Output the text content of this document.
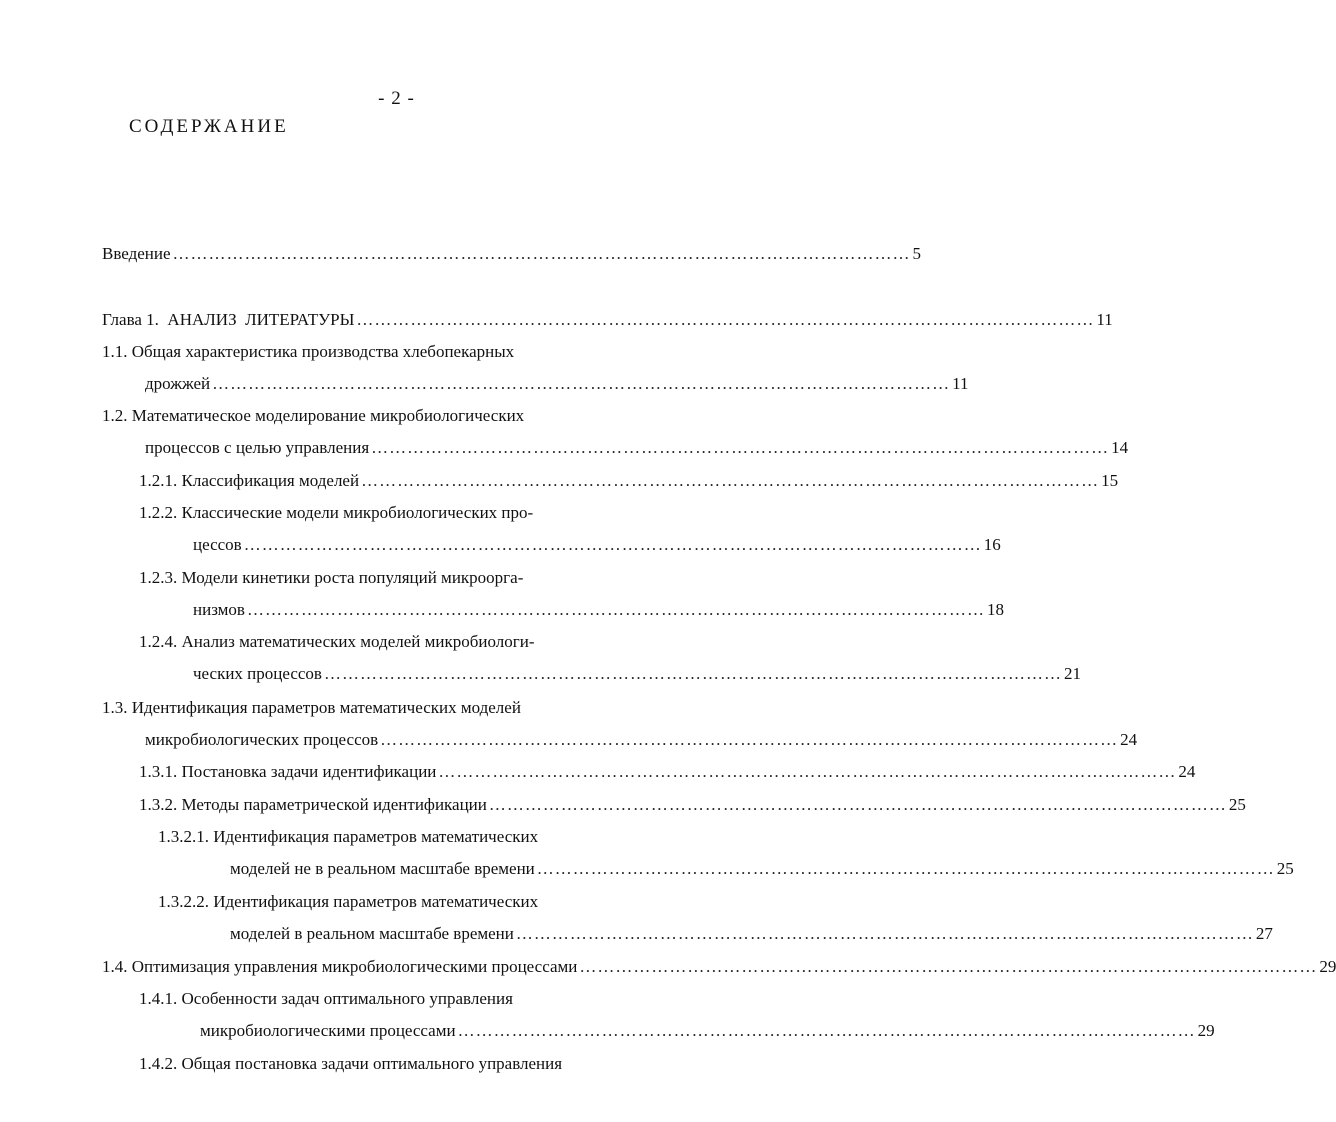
- 2 -
СОДЕРЖАНИЕ
Введение …………………………………………………………………………………………………………… 5
Глава 1.  АНАЛИЗ  ЛИТЕРАТУРЫ …………………………………………………………………………………………………………… 11
1.1. Общая характеристика производства хлебопекарных
дрожжей …………………………………………………………………………………………………………… 11
1.2. Математическое моделирование микробиологических
процессов с целью управления …………………………………………………………………………………………………………… 14
1.2.1. Классификация моделей …………………………………………………………………………………………………………… 15
1.2.2. Классические модели микробиологических про-
цессов …………………………………………………………………………………………………………… 16
1.2.3. Модели кинетики роста популяций микроорга-
низмов …………………………………………………………………………………………………………… 18
1.2.4. Анализ математических моделей микробиологи-
ческих процессов …………………………………………………………………………………………………………… 21
1.3. Идентификация параметров математических моделей
микробиологических процессов …………………………………………………………………………………………………………… 24
1.3.1. Постановка задачи идентификации …………………………………………………………………………………………………………… 24
1.3.2. Методы параметрической идентификации …………………………………………………………………………………………………………… 25
1.3.2.1. Идентификация параметров математических
моделей не в реальном масштабе времени …………………………………………………………………………………………………………… 25
1.3.2.2. Идентификация параметров математических
моделей в реальном масштабе времени …………………………………………………………………………………………………………… 27
1.4. Оптимизация управления микробиологическими процессами …………………………………………………………………………………………………………… 29
1.4.1. Особенности задач оптимального управления
микробиологическими процессами …………………………………………………………………………………………………………… 29
1.4.2. Общая постановка задачи оптимального управления
